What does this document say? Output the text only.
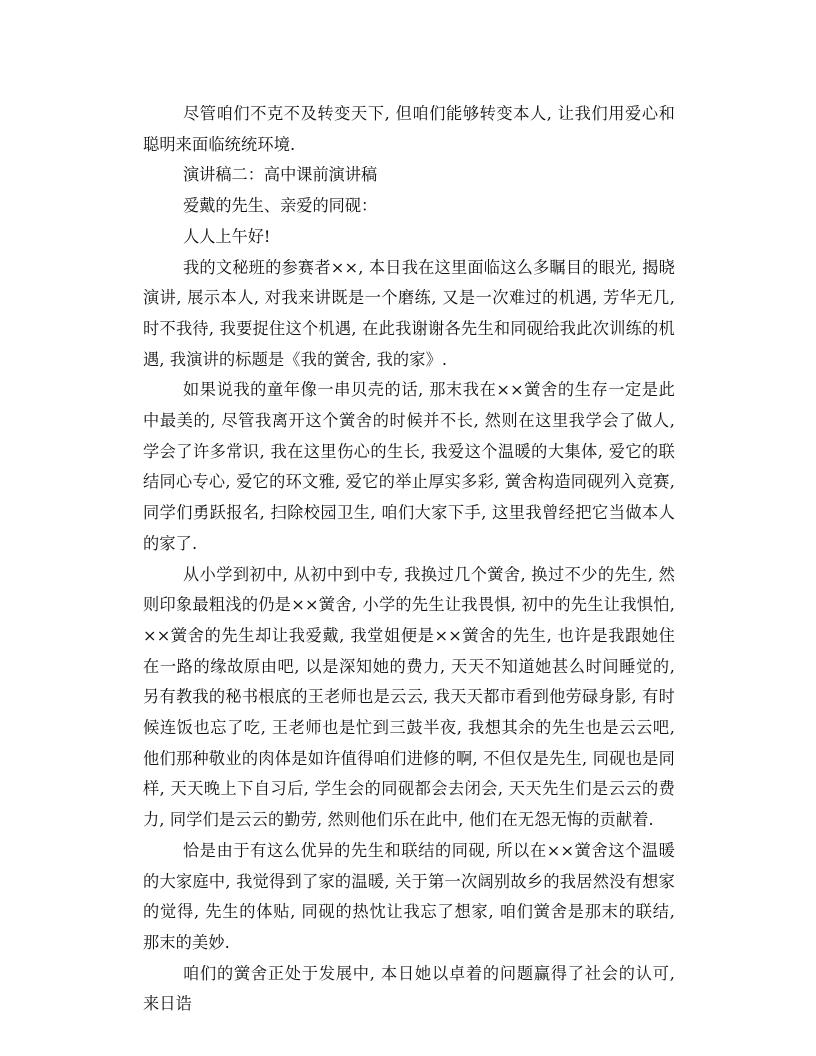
尽管咱们不克不及转变天下, 但咱们能够转变本人, 让我们用爱心和聪明来面临统统环境.

演讲稿二：高中课前演讲稿

爱戴的先生、亲爱的同砚：

人人上午好!

我的文秘班的参赛者××, 本日我在这里面临这么多瞩目的眼光, 揭晓演讲, 展示本人, 对我来讲既是一个磨练, 又是一次难过的机遇, 芳华无几, 时不我待, 我要捉住这个机遇, 在此我谢谢各先生和同砚给我此次训练的机遇, 我演讲的标题是《我的黉舍, 我的家》.

如果说我的童年像一串贝壳的话, 那末我在××黉舍的生存一定是此中最美的, 尽管我离开这个黉舍的时候并不长, 然则在这里我学会了做人, 学会了许多常识, 我在这里伤心的生长, 我爱这个温暖的大集体, 爱它的联结同心专心, 爱它的环文雅, 爱它的举止厚实多彩, 黉舍构造同砚列入竞赛, 同学们勇跃报名, 扫除校园卫生, 咱们大家下手, 这里我曾经把它当做本人的家了.

从小学到初中, 从初中到中专, 我换过几个黉舍, 换过不少的先生, 然则印象最粗浅的仍是××黉舍, 小学的先生让我畏惧, 初中的先生让我惧怕, ××黉舍的先生却让我爱戴, 我堂姐便是××黉舍的先生, 也许是我跟她住在一路的缘故原由吧, 以是深知她的费力, 天天不知道她甚么时间睡觉的, 另有教我的秘书根底的王老师也是云云, 我天天都市看到他劳碌身影, 有时候连饭也忘了吃, 王老师也是忙到三鼓半夜, 我想其余的先生也是云云吧, 他们那种敬业的肉体是如许值得咱们进修的啊, 不但仅是先生, 同砚也是同样, 天天晚上下自习后, 学生会的同砚都会去闭会, 天天先生们是云云的费力, 同学们是云云的勤劳, 然则他们乐在此中, 他们在无怨无悔的贡献着.

恰是由于有这么优异的先生和联结的同砚, 所以在××黉舍这个温暖的大家庭中, 我觉得到了家的温暖, 关于第一次阔别故乡的我居然没有想家的觉得, 先生的体贴, 同砚的热忱让我忘了想家, 咱们黉舍是那末的联结, 那末的美妙.

咱们的黉舍正处于发展中, 本日她以卓着的问题赢得了社会的认可, 来日诰
